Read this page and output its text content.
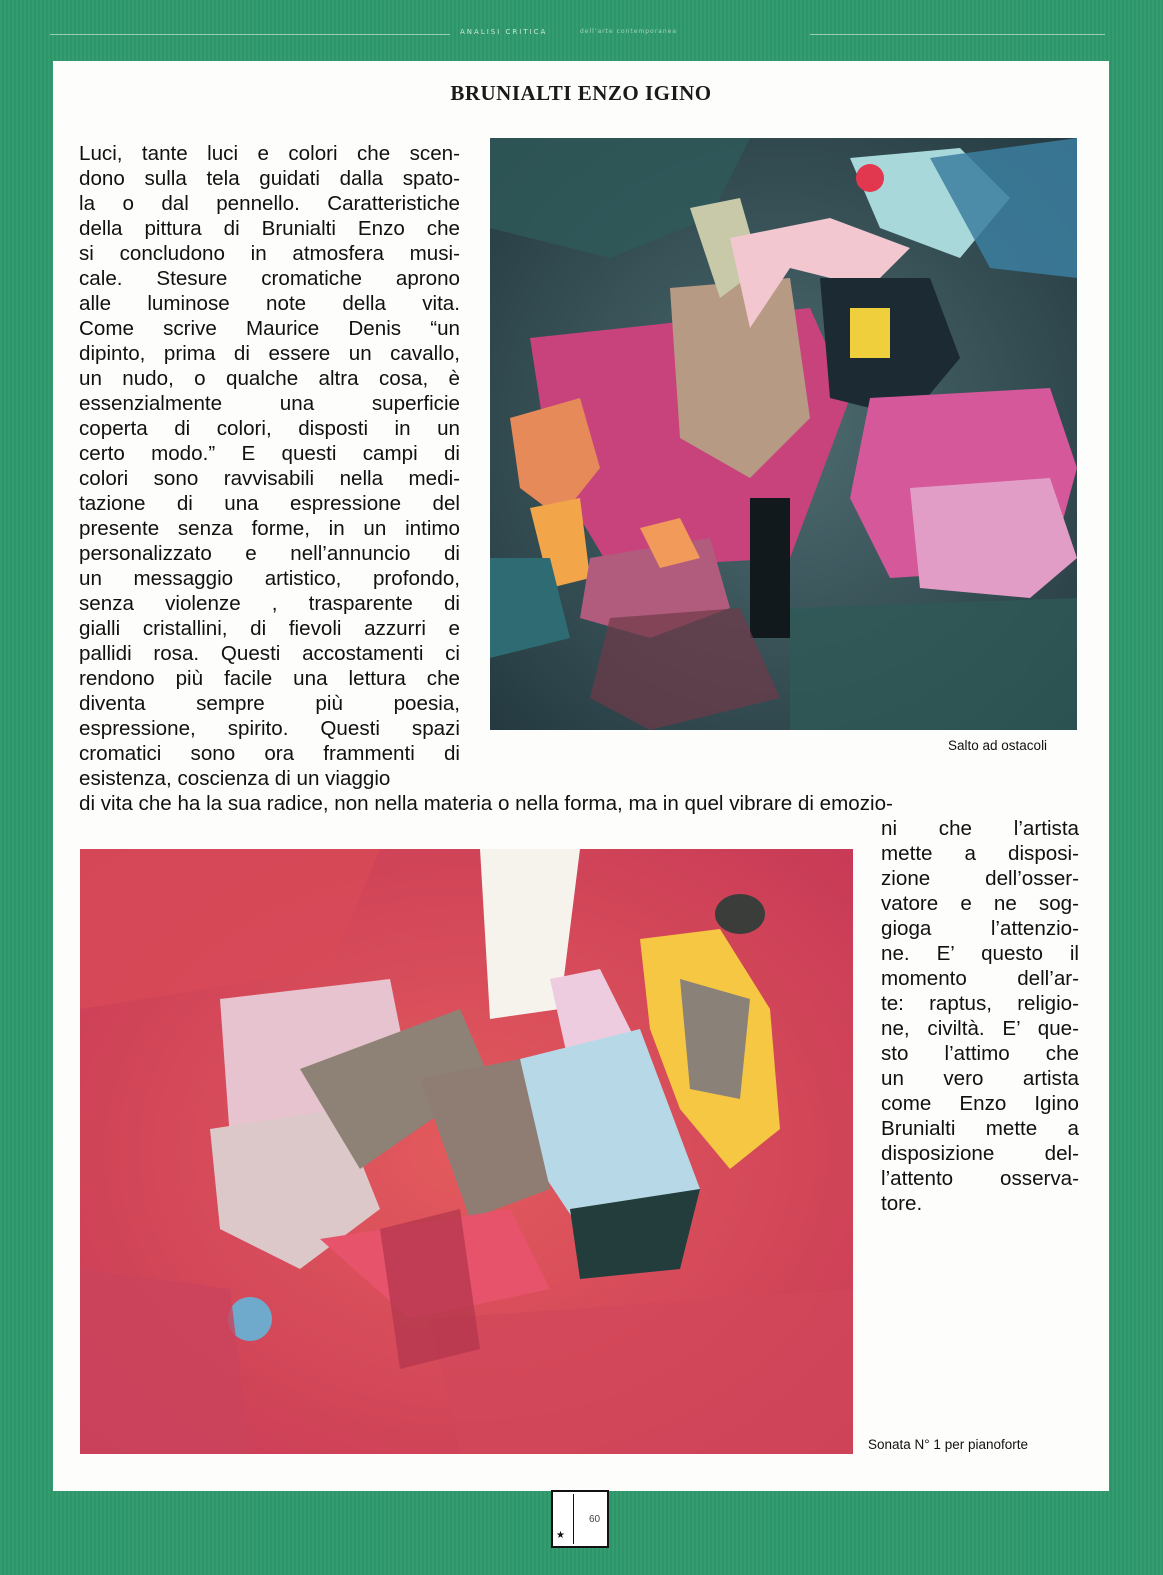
ANALISI CRITICA	dell'arte contemporanea
BRUNIALTI ENZO IGINO
Luci, tante luci e colori che scen-
dono sulla tela guidati dalla spato-
la o dal pennello. Caratteristiche
della pittura di Brunialti Enzo che
si concludono in atmosfera musi-
cale. Stesure cromatiche aprono
alle luminose note della vita.
Come scrive Maurice Denis “un
dipinto, prima di essere un cavallo,
un nudo, o qualche altra cosa, è
essenzialmente una superficie
coperta di colori, disposti in un
certo modo.” E questi campi di
colori sono ravvisabili nella medi-
tazione di una espressione del
presente senza forme, in un intimo
personalizzato e nell’annuncio di
un messaggio artistico, profondo,
senza violenze , trasparente di
gialli cristallini, di fievoli azzurri e
pallidi rosa. Questi accostamenti ci
rendono più facile una lettura che
diventa sempre più poesia,
espressione, spirito. Questi spazi
cromatici sono ora frammenti di
esistenza, coscienza di un viaggio
Salto ad ostacoli
di vita che ha la sua radice, non nella materia o nella forma, ma in quel vibrare di emozio-
ni che l’artista
mette a disposi-
zione dell’osser-
vatore e ne sog-
gioga l’attenzio-
ne. E’ questo il
momento dell’ar-
te: raptus, religio-
ne, civiltà. E’ que-
sto l’attimo che
un vero artista
come Enzo Igino
Brunialti mette a
disposizione del-
l’attento osserva-
tore.
Sonata N° 1 per pianoforte
★
60
